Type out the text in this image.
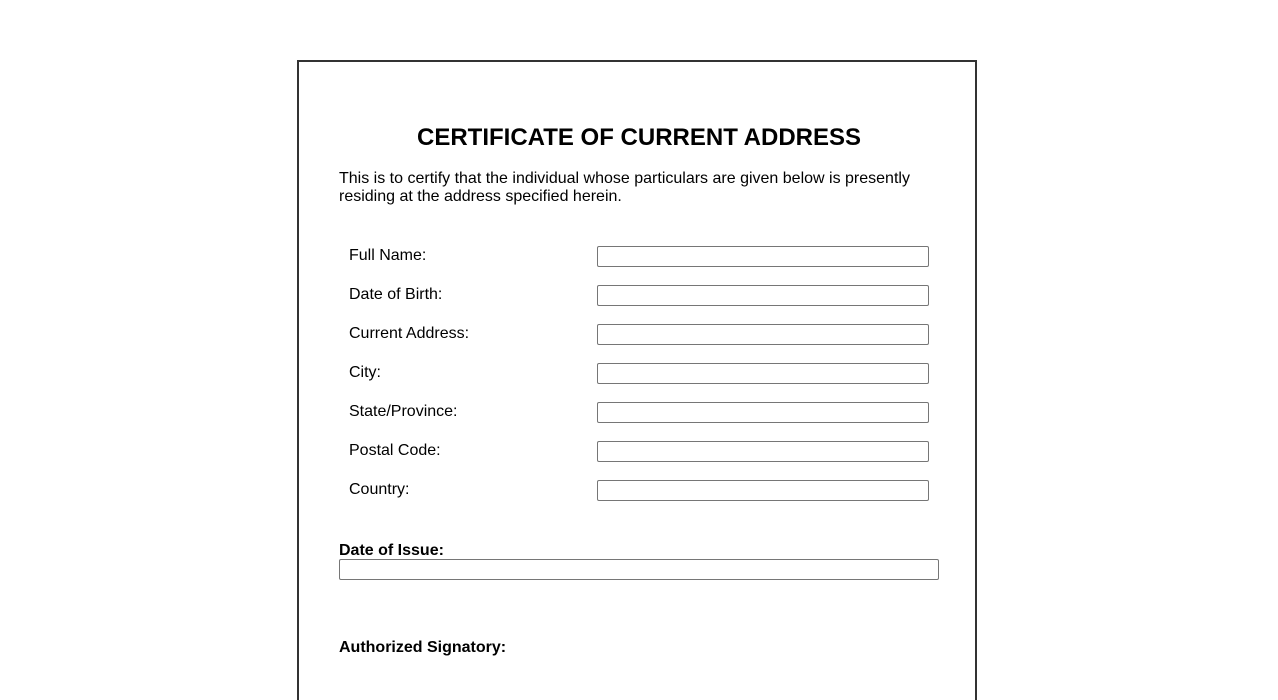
CERTIFICATE OF CURRENT ADDRESS

This is to certify that the individual whose particulars are given below is presently residing at the address specified herein.

Full Name:
Date of Birth:
Current Address:
City:
State/Province:
Postal Code:
Country:
Date of Issue:
Authorized Signatory:
